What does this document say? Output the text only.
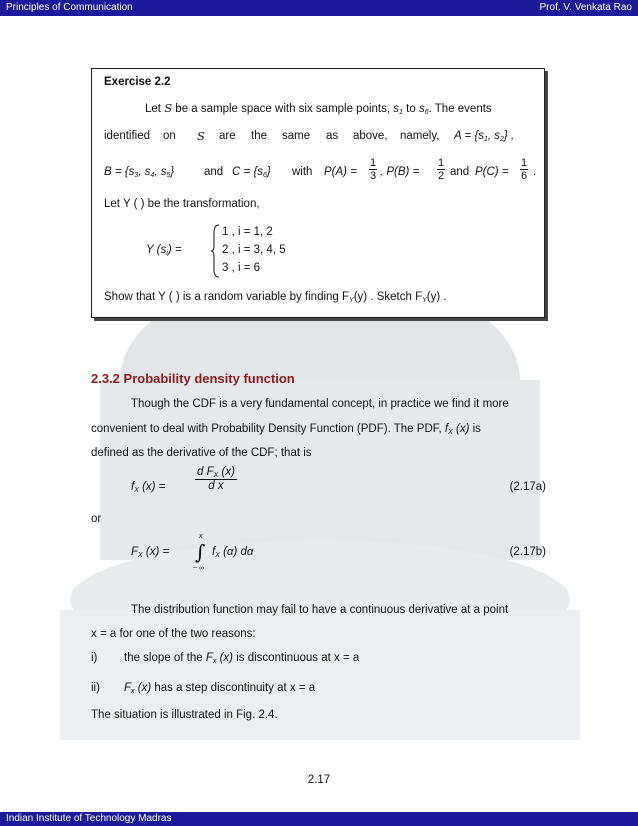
Principles of Communication	Prof. V. Venkata Rao
Exercise 2.2
Let S be a sample space with six sample points, $s_1$ to $s_6$. The events
identified on S are the same as above, namely, $A = \{s_1$, $s_2$} ,
$B = \{s_3$, $s_4$, $s_5$}	and $C = \{s_6\}$ with $P(A) = \frac{1}{3}$ , $P(B) = \frac{1}{2}$ and $P(C) = \frac{1}{6}$ .
Let Y ( ) be the transformation,
Y $(s_i)$ =
1 , i = 1, 2
2 , i = 3, 4, 5
3 , i = 6
Show that Y ( ) is a random variable by finding $F_Y(y)$ . Sketch $F_Y(y)$ .
2.3.2 Probability density function
Though the CDF is a very fundamental concept, in practice we find it more
convenient to deal with Probability Density Function (PDF). The PDF, $f_X$ (x) is
defined as the derivative of the CDF; that is
$f_X$ (x) =	$\frac{d F_X (x)}{\text{d x}}$	(2.17a)
or
$F_X$ (x) =
x
∫
− ∞
$f_X$ (α) dα	(2.17b)
The distribution function may fail to have a continuous derivative at a point
x = a for one of the two reasons:
i) the slope of the $F_x$ (x) is discontinuous at x = a
ii) $F_x$ (x) has a step discontinuity at x = a
The situation is illustrated in Fig. 2.4.
2.17
Indian Institute of Technology Madras
